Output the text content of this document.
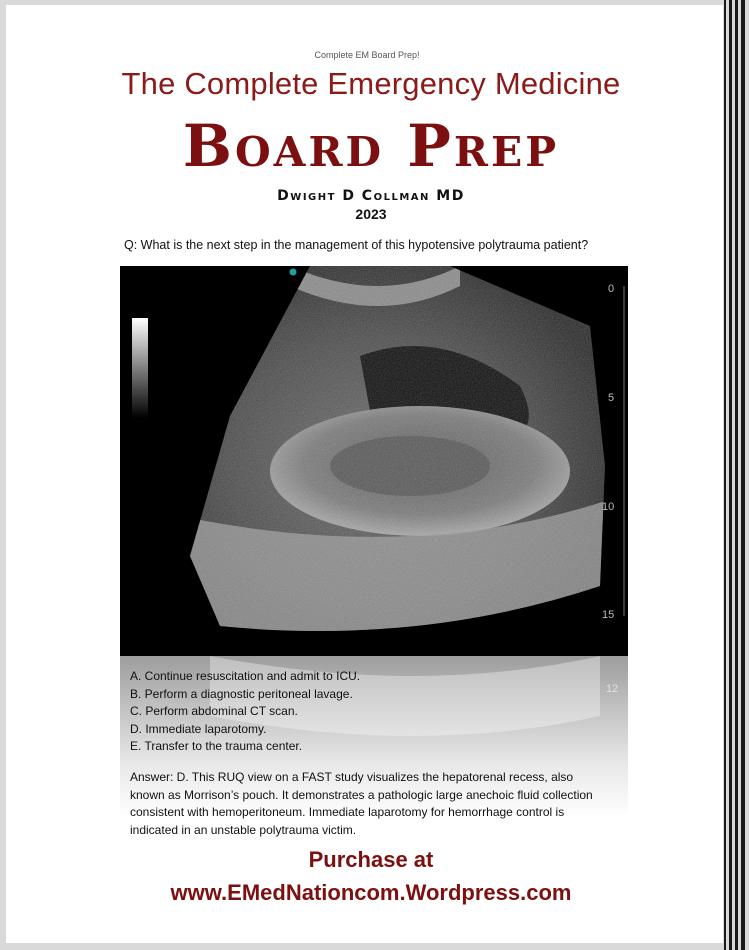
Complete EM Board Prep!
The Complete Emergency Medicine
Board Prep
Dwight D Collman MD
2023
Q: What is the next step in the management of this hypotensive polytrauma patient?
0
5
10
15
12
A. Continue resuscitation and admit to ICU.
B. Perform a diagnostic peritoneal lavage.
C. Perform abdominal CT scan.
D. Immediate laparotomy.
E. Transfer to the trauma center.
Answer: D. This RUQ view on a FAST study visualizes the hepatorenal recess, also known as Morrison’s pouch. It demonstrates a pathologic large anechoic fluid collection consistent with hemoperitoneum. Immediate laparotomy for hemorrhage control is indicated in an unstable polytrauma victim.
Purchase at
www.EMedNationcom.Wordpress.com
